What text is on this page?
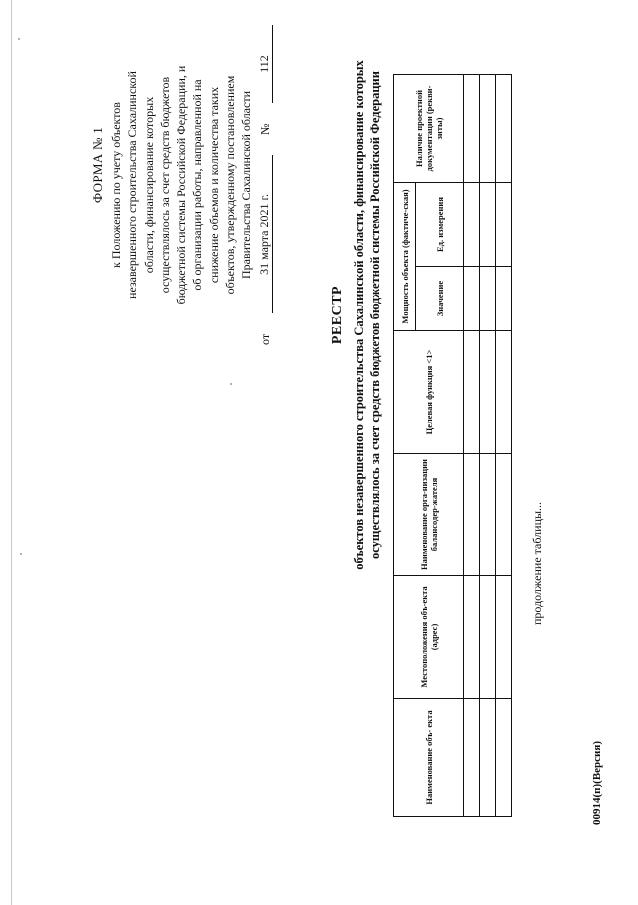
ФОРМА № 1 к Положению по учету объектов незавершенного строительства Сахалинской области, финансирование которых осуществлялось за счет средств бюджетов бюджетной системы Российской Федерации, и об организации работы, направленной на снижение объемов и количества таких объектов, утвержденному постановлением Правительства Сахалинской области
от
31 марта 2021 г.
№
112
РЕЕСТР объектов незавершенного строительства Сахалинской области, финансирование которых осуществлялось за счет средств бюджетов бюджетной системы Российской Федерации
Наименование объ- екта	Местоположения объ-екта (адрес)	Наименование орга-низации балансодер-жателя	Целевая функция <1>	Мощность объекта (фактиче-ская)		Наличие проектной документации (рекви-зиты)
				Значение	Ед. измерения	

продолжение таблицы...
00914(п)(Версия)
